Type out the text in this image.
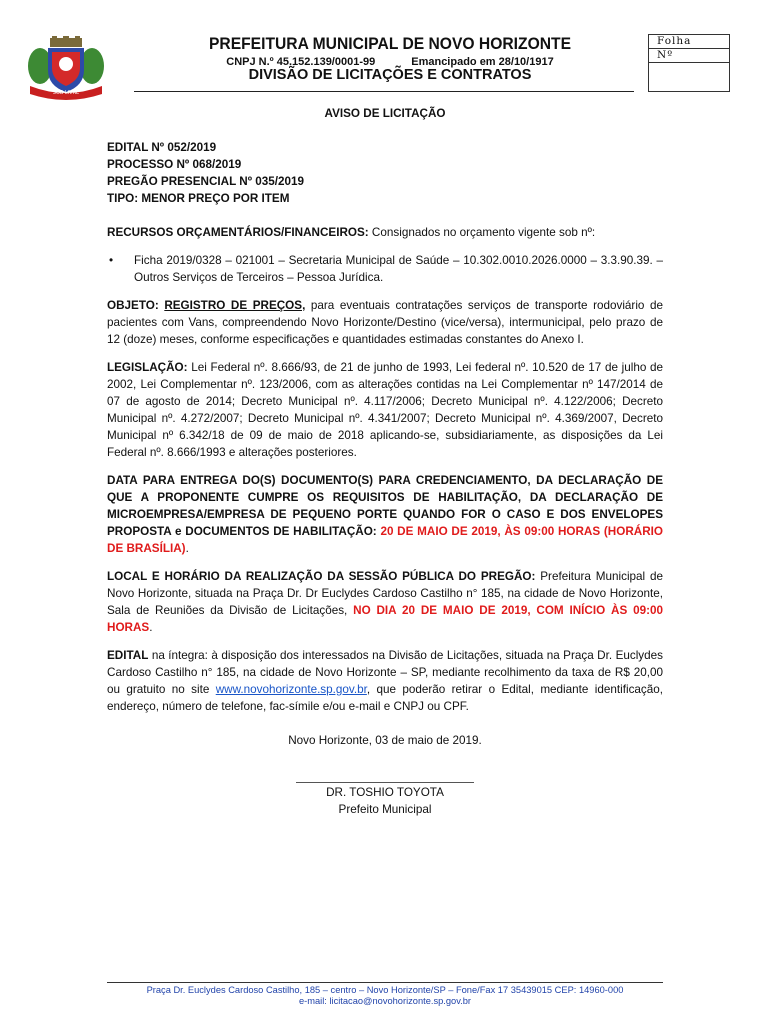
SOB LIVRE
PREFEITURA MUNICIPAL DE NOVO HORIZONTE
CNPJ N.º 45.152.139/0001-99	Emancipado em 28/10/1917
DIVISÃO DE LICITAÇÕES E CONTRATOS
Folha
Nº

AVISO DE LICITAÇÃO

EDITAL Nº 052/2019

PROCESSO Nº 068/2019

PREGÃO PRESENCIAL Nº 035/2019

TIPO: MENOR PREÇO POR ITEM

RECURSOS ORÇAMENTÁRIOS/FINANCEIROS: Consignados no orçamento vigente sob nº:

• Ficha 2019/0328 – 021001 – Secretaria Municipal de Saúde – 10.302.0010.2026.0000 – 3.3.90.39. – Outros Serviços de Terceiros – Pessoa Jurídica.

OBJETO: REGISTRO DE PREÇOS, para eventuais contratações serviços de transporte rodoviário de pacientes com Vans, compreendendo Novo Horizonte/Destino (vice/versa), intermunicipal, pelo prazo de 12 (doze) meses, conforme especificações e quantidades estimadas constantes do Anexo I.

LEGISLAÇÃO: Lei Federal nº. 8.666/93, de 21 de junho de 1993, Lei federal nº. 10.520 de 17 de julho de 2002, Lei Complementar nº. 123/2006, com as alterações contidas na Lei Complementar nº 147/2014 de 07 de agosto de 2014; Decreto Municipal nº. 4.117/2006; Decreto Municipal nº. 4.122/2006; Decreto Municipal nº. 4.272/2007; Decreto Municipal nº. 4.341/2007; Decreto Municipal nº. 4.369/2007, Decreto Municipal nº 6.342/18 de 09 de maio de 2018 aplicando-se, subsidiariamente, as disposições da Lei Federal nº. 8.666/1993 e alterações posteriores.

DATA PARA ENTREGA DO(S) DOCUMENTO(S) PARA CREDENCIAMENTO, DA DECLARAÇÃO DE QUE A PROPONENTE CUMPRE OS REQUISITOS DE HABILITAÇÃO, DA DECLARAÇÃO DE MICROEMPRESA/EMPRESA DE PEQUENO PORTE QUANDO FOR O CASO E DOS ENVELOPES PROPOSTA e DOCUMENTOS DE HABILITAÇÃO: 20 DE MAIO DE 2019, ÀS 09:00 HORAS (HORÁRIO DE BRASÍLIA).

LOCAL E HORÁRIO DA REALIZAÇÃO DA SESSÃO PÚBLICA DO PREGÃO: Prefeitura Municipal de Novo Horizonte, situada na Praça Dr. Dr Euclydes Cardoso Castilho n° 185, na cidade de Novo Horizonte, Sala de Reuniões da Divisão de Licitações, NO DIA 20 DE MAIO DE 2019, COM INÍCIO ÀS 09:00 HORAS.

EDITAL na íntegra: à disposição dos interessados na Divisão de Licitações, situada na Praça Dr. Euclydes Cardoso Castilho n° 185, na cidade de Novo Horizonte – SP, mediante recolhimento da taxa de R$ 20,00 ou gratuito no site www.novohorizonte.sp.gov.br, que poderão retirar o Edital, mediante identificação, endereço, número de telefone, fac-símile e/ou e-mail e CNPJ ou CPF.

Novo Horizonte, 03 de maio de 2019.

DR. TOSHIO TOYOTA

Prefeito Municipal

Praça Dr. Euclydes Cardoso Castilho, 185 – centro – Novo Horizonte/SP – Fone/Fax 17 35439015 CEP: 14960-000
e-mail: licitacao@novohorizonte.sp.gov.br
